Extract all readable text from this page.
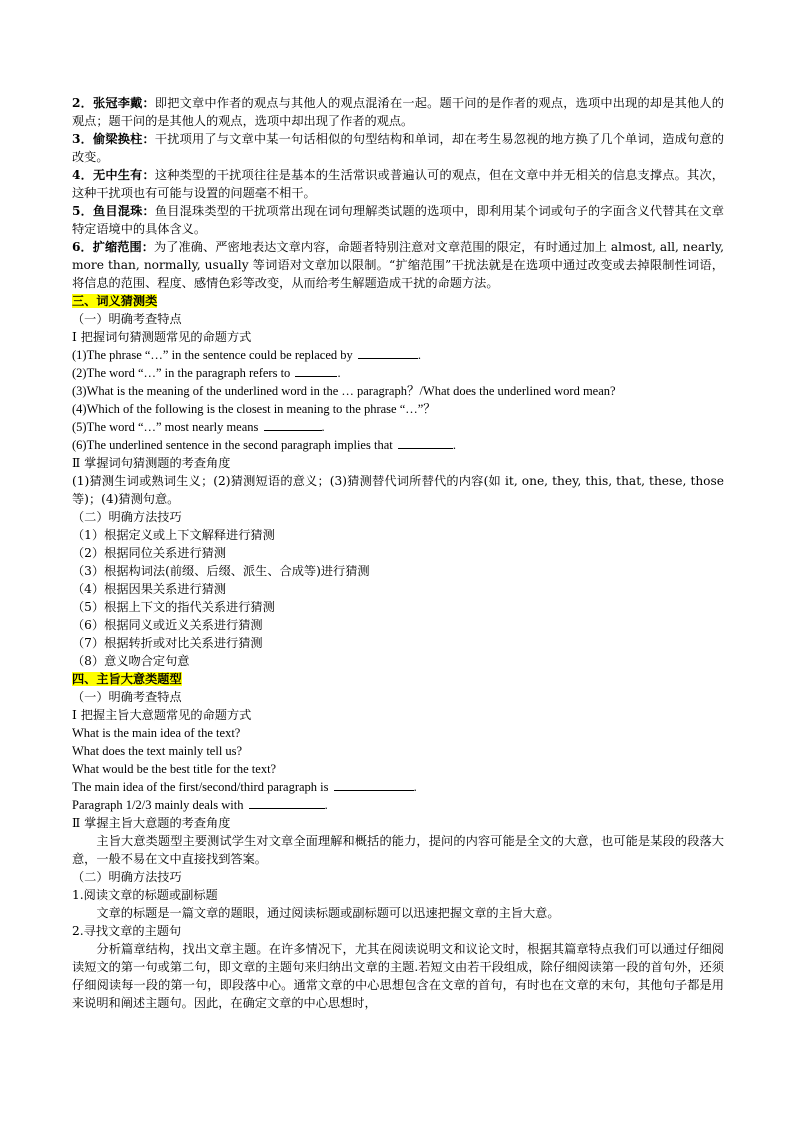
2．张冠李戴：即把文章中作者的观点与其他人的观点混淆在一起。题干问的是作者的观点，选项中出现的却是其他人的观点；题干问的是其他人的观点，选项中却出现了作者的观点。

3．偷梁换柱：干扰项用了与文章中某一句话相似的句型结构和单词，却在考生易忽视的地方换了几个单词，造成句意的改变。

4．无中生有：这种类型的干扰项往往是基本的生活常识或普遍认可的观点，但在文章中并无相关的信息支撑点。其次，这种干扰项也有可能与设置的问题毫不相干。

5．鱼目混珠：鱼目混珠类型的干扰项常出现在词句理解类试题的选项中，即利用某个词或句子的字面含义代替其在文章特定语境中的具体含义。

6．扩缩范围：为了准确、严密地表达文章内容，命题者特别注意对文章范围的限定，有时通过加上 almost, all, nearly, more than, normally, usually 等词语对文章加以限制。“扩缩范围”干扰法就是在选项中通过改变或去掉限制性词语，将信息的范围、程度、感情色彩等改变，从而给考生解题造成干扰的命题方法。

三、词义猜测类

（一）明确考查特点

Ⅰ 把握词句猜测题常见的命题方式

(1)The phrase “…” in the sentence could be replaced by	.

(2)The word “…” in the paragraph refers to	.

(3)What is the meaning of the underlined word in the … paragraph？/What does the underlined word mean?

(4)Which of the following is the closest in meaning to the phrase “…”？

(5)The word “…” most nearly means	.

(6)The underlined sentence in the second paragraph implies that	.

Ⅱ 掌握词句猜测题的考查角度

(1)猜测生词或熟词生义；(2)猜测短语的意义；(3)猜测替代词所替代的内容(如 it, one, they, this, that, these, those 等)；(4)猜测句意。

（二）明确方法技巧

（1）根据定义或上下文解释进行猜测

（2）根据同位关系进行猜测

（3）根据构词法(前缀、后缀、派生、合成等)进行猜测

（4）根据因果关系进行猜测

（5）根据上下文的指代关系进行猜测

（6）根据同义或近义关系进行猜测

（7）根据转折或对比关系进行猜测

（8）意义吻合定句意

四、主旨大意类题型

（一）明确考查特点

Ⅰ 把握主旨大意题常见的命题方式

What is the main idea of the text?

What does the text mainly tell us?

What would be the best title for the text?

The main idea of the first/second/third paragraph is	.

Paragraph 1/2/3 mainly deals with	.

Ⅱ 掌握主旨大意题的考查角度

主旨大意类题型主要测试学生对文章全面理解和概括的能力，提问的内容可能是全文的大意，也可能是某段的段落大意，一般不易在文中直接找到答案。

（二）明确方法技巧

1.阅读文章的标题或副标题

文章的标题是一篇文章的题眼，通过阅读标题或副标题可以迅速把握文章的主旨大意。

2.寻找文章的主题句

分析篇章结构，找出文章主题。在许多情况下，尤其在阅读说明文和议论文时，根据其篇章特点我们可以通过仔细阅读短文的第一句或第二句，即文章的主题句来归纳出文章的主题.若短文由若干段组成，除仔细阅读第一段的首句外，还须仔细阅读每一段的第一句，即段落中心。通常文章的中心思想包含在文章的首句，有时也在文章的末句，其他句子都是用来说明和阐述主题句。因此，在确定文章的中心思想时，
